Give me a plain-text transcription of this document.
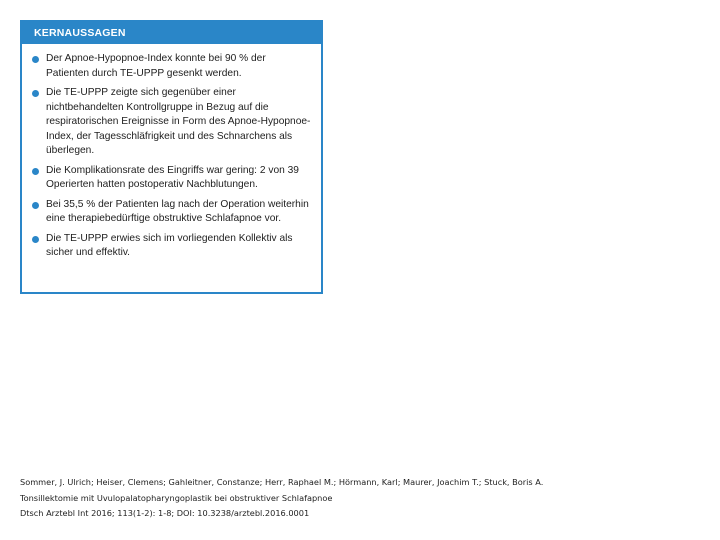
KERNAUSSAGEN
Der Apnoe-Hypopnoe-Index konnte bei 90 % der Patienten durch TE-UPPP gesenkt werden.
Die TE-UPPP zeigte sich gegenüber einer nichtbehandelten Kontrollgruppe in Bezug auf die respiratorischen Ereignisse in Form des Apnoe-Hypopnoe-Index, der Tagesschläfrigkeit und des Schnarchens als überlegen.
Die Komplikationsrate des Eingriffs war gering: 2 von 39 Operierten hatten postoperativ Nachblutungen.
Bei 35,5 % der Patienten lag nach der Operation weiterhin eine therapiebedürftige obstruktive Schlafapnoe vor.
Die TE-UPPP erwies sich im vorliegenden Kollektiv als sicher und effektiv.
Sommer, J. Ulrich; Heiser, Clemens; Gahleitner, Constanze; Herr, Raphael M.; Hörmann, Karl; Maurer, Joachim T.; Stuck, Boris A.
Tonsillektomie mit Uvulopalatopharyngoplastik bei obstruktiver Schlafapnoe
Dtsch Arztebl Int 2016; 113(1-2): 1-8; DOI: 10.3238/arztebl.2016.0001
